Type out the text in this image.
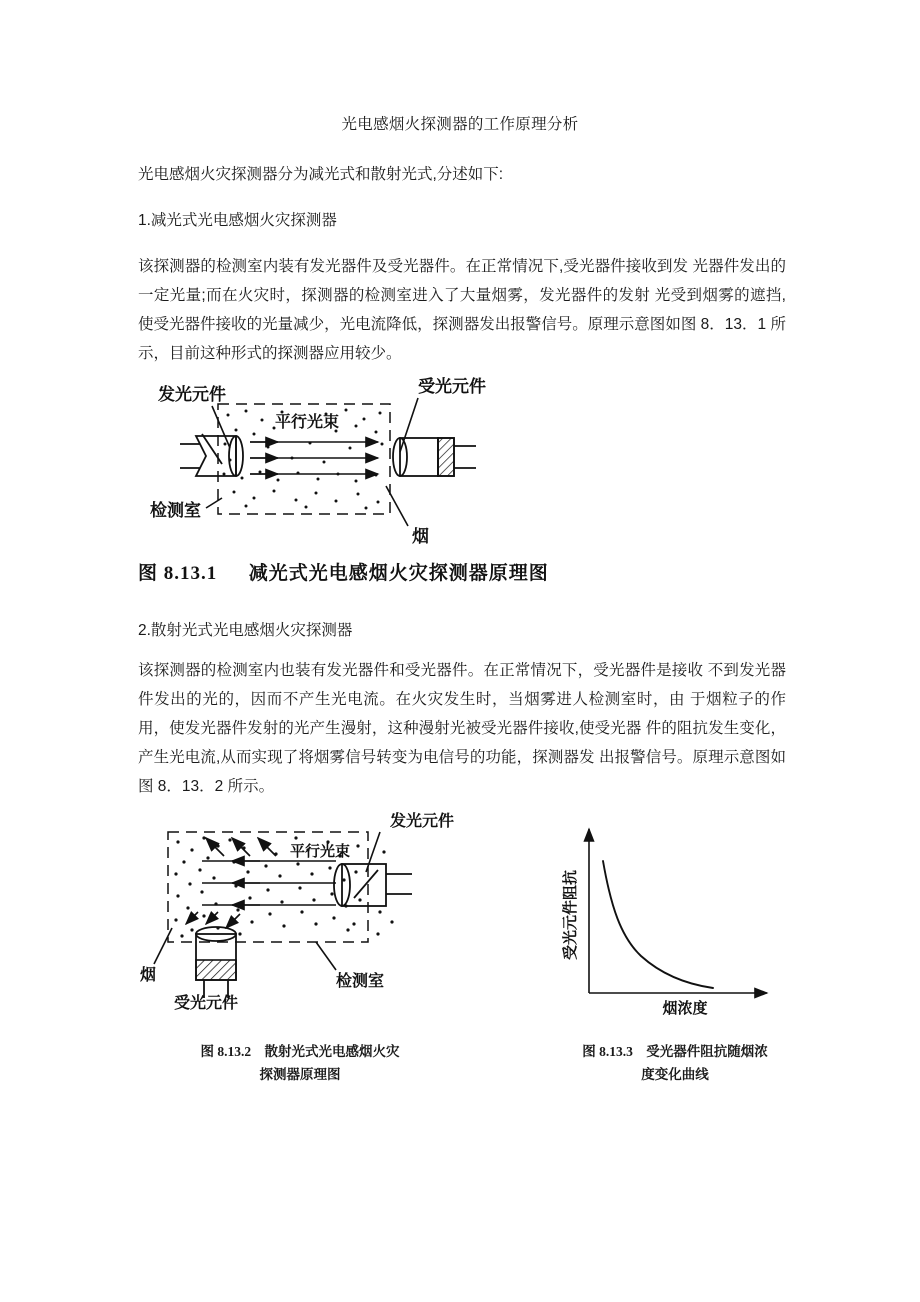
光电感烟火探测器的工作原理分析
光电感烟火灾探测器分为减光式和散射光式,分述如下:
1.减光式光电感烟火灾探测器
该探测器的检测室内装有发光器件及受光器件。在正常情况下,受光器件接收到发 光器件发出的一定光量;而在火灾时，探测器的检测室进入了大量烟雾，发光器件的发射 光受到烟雾的遮挡,使受光器件接收的光量减少，光电流降低，探测器发出报警信号。原理示意图如图 8．13．1 所示，目前这种形式的探测器应用较少。
发光元件	受光元件
平行光束
检测室
烟
图 8.13.1 减光式光电感烟火灾探测器原理图
2.散射光式光电感烟火灾探测器
该探测器的检测室内也装有发光器件和受光器件。在正常情况下，受光器件是接收 不到发光器件发出的光的，因而不产生光电流。在火灾发生时，当烟雾进人检测室时，由 于烟粒子的作用，使发光器件发射的光产生漫射，这种漫射光被受光器件接收,使受光器 件的阻抗发生变化，产生光电流,从而实现了将烟雾信号转变为电信号的功能，探测器发 出报警信号。原理示意图如图 8．13．2 所示。
发光元件
平行光束
烟
受光元件
检测室
受光元件阻抗
烟浓度
图 8.13.2 散射光式光电感烟火灾
探测器原理图
图 8.13.3 受光器件阻抗随烟浓
度变化曲线
